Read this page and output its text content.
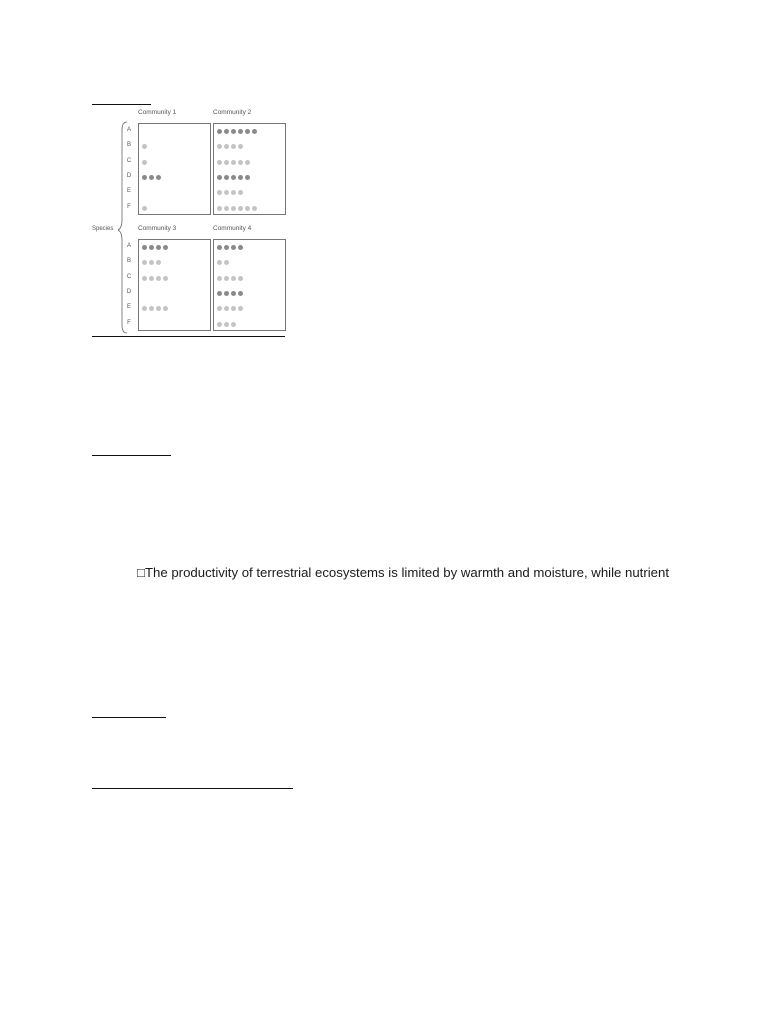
Species
Community 1
A
B
C
D
E
F
Community 2
Community 3
A
B
C
D
E
F
Community 4
□The productivity of terrestrial ecosystems is limited by warmth and moisture, while nutrient
